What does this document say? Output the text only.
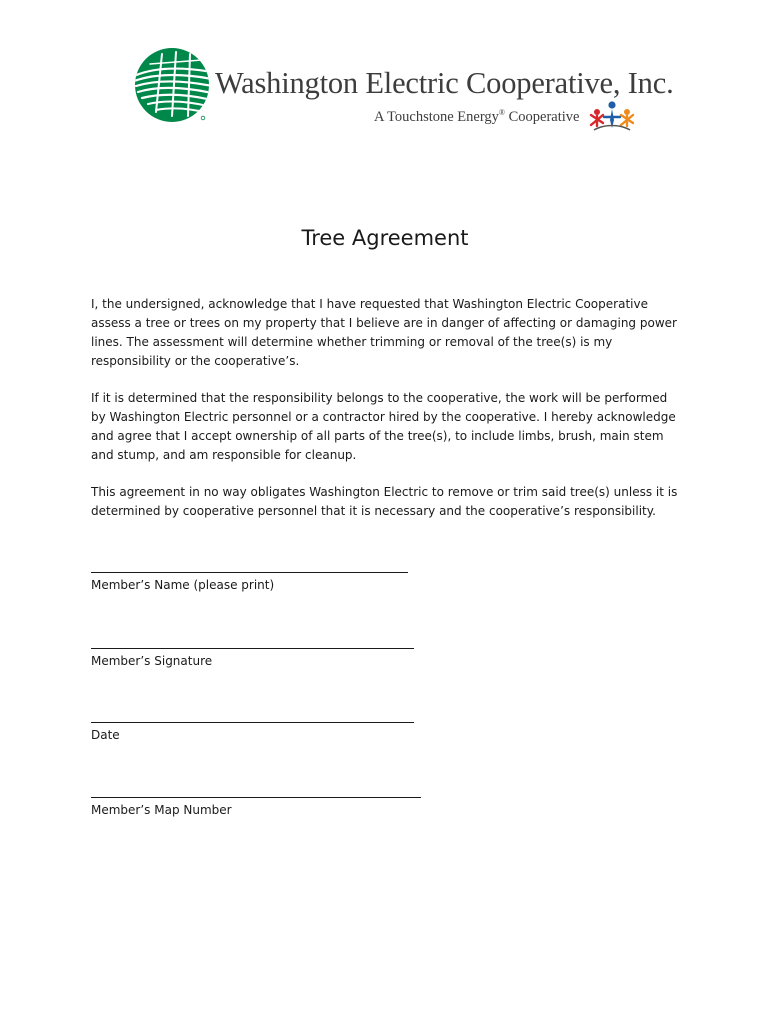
Washington Electric Cooperative, Inc.
A Touchstone Energy® Cooperative
Tree Agreement

I, the undersigned, acknowledge that I have requested that Washington Electric Cooperative assess a tree or trees on my property that I believe are in danger of affecting or damaging power lines. The assessment will determine whether trimming or removal of the tree(s) is my responsibility or the cooperative’s.

If it is determined that the responsibility belongs to the cooperative, the work will be performed by Washington Electric personnel or a contractor hired by the cooperative. I hereby acknowledge and agree that I accept ownership of all parts of the tree(s), to include limbs, brush, main stem and stump, and am responsible for cleanup.

This agreement in no way obligates Washington Electric to remove or trim said tree(s) unless it is determined by cooperative personnel that it is necessary and the cooperative’s responsibility.

Member’s Name (please print)
Member’s Signature
Date
Member’s Map Number
